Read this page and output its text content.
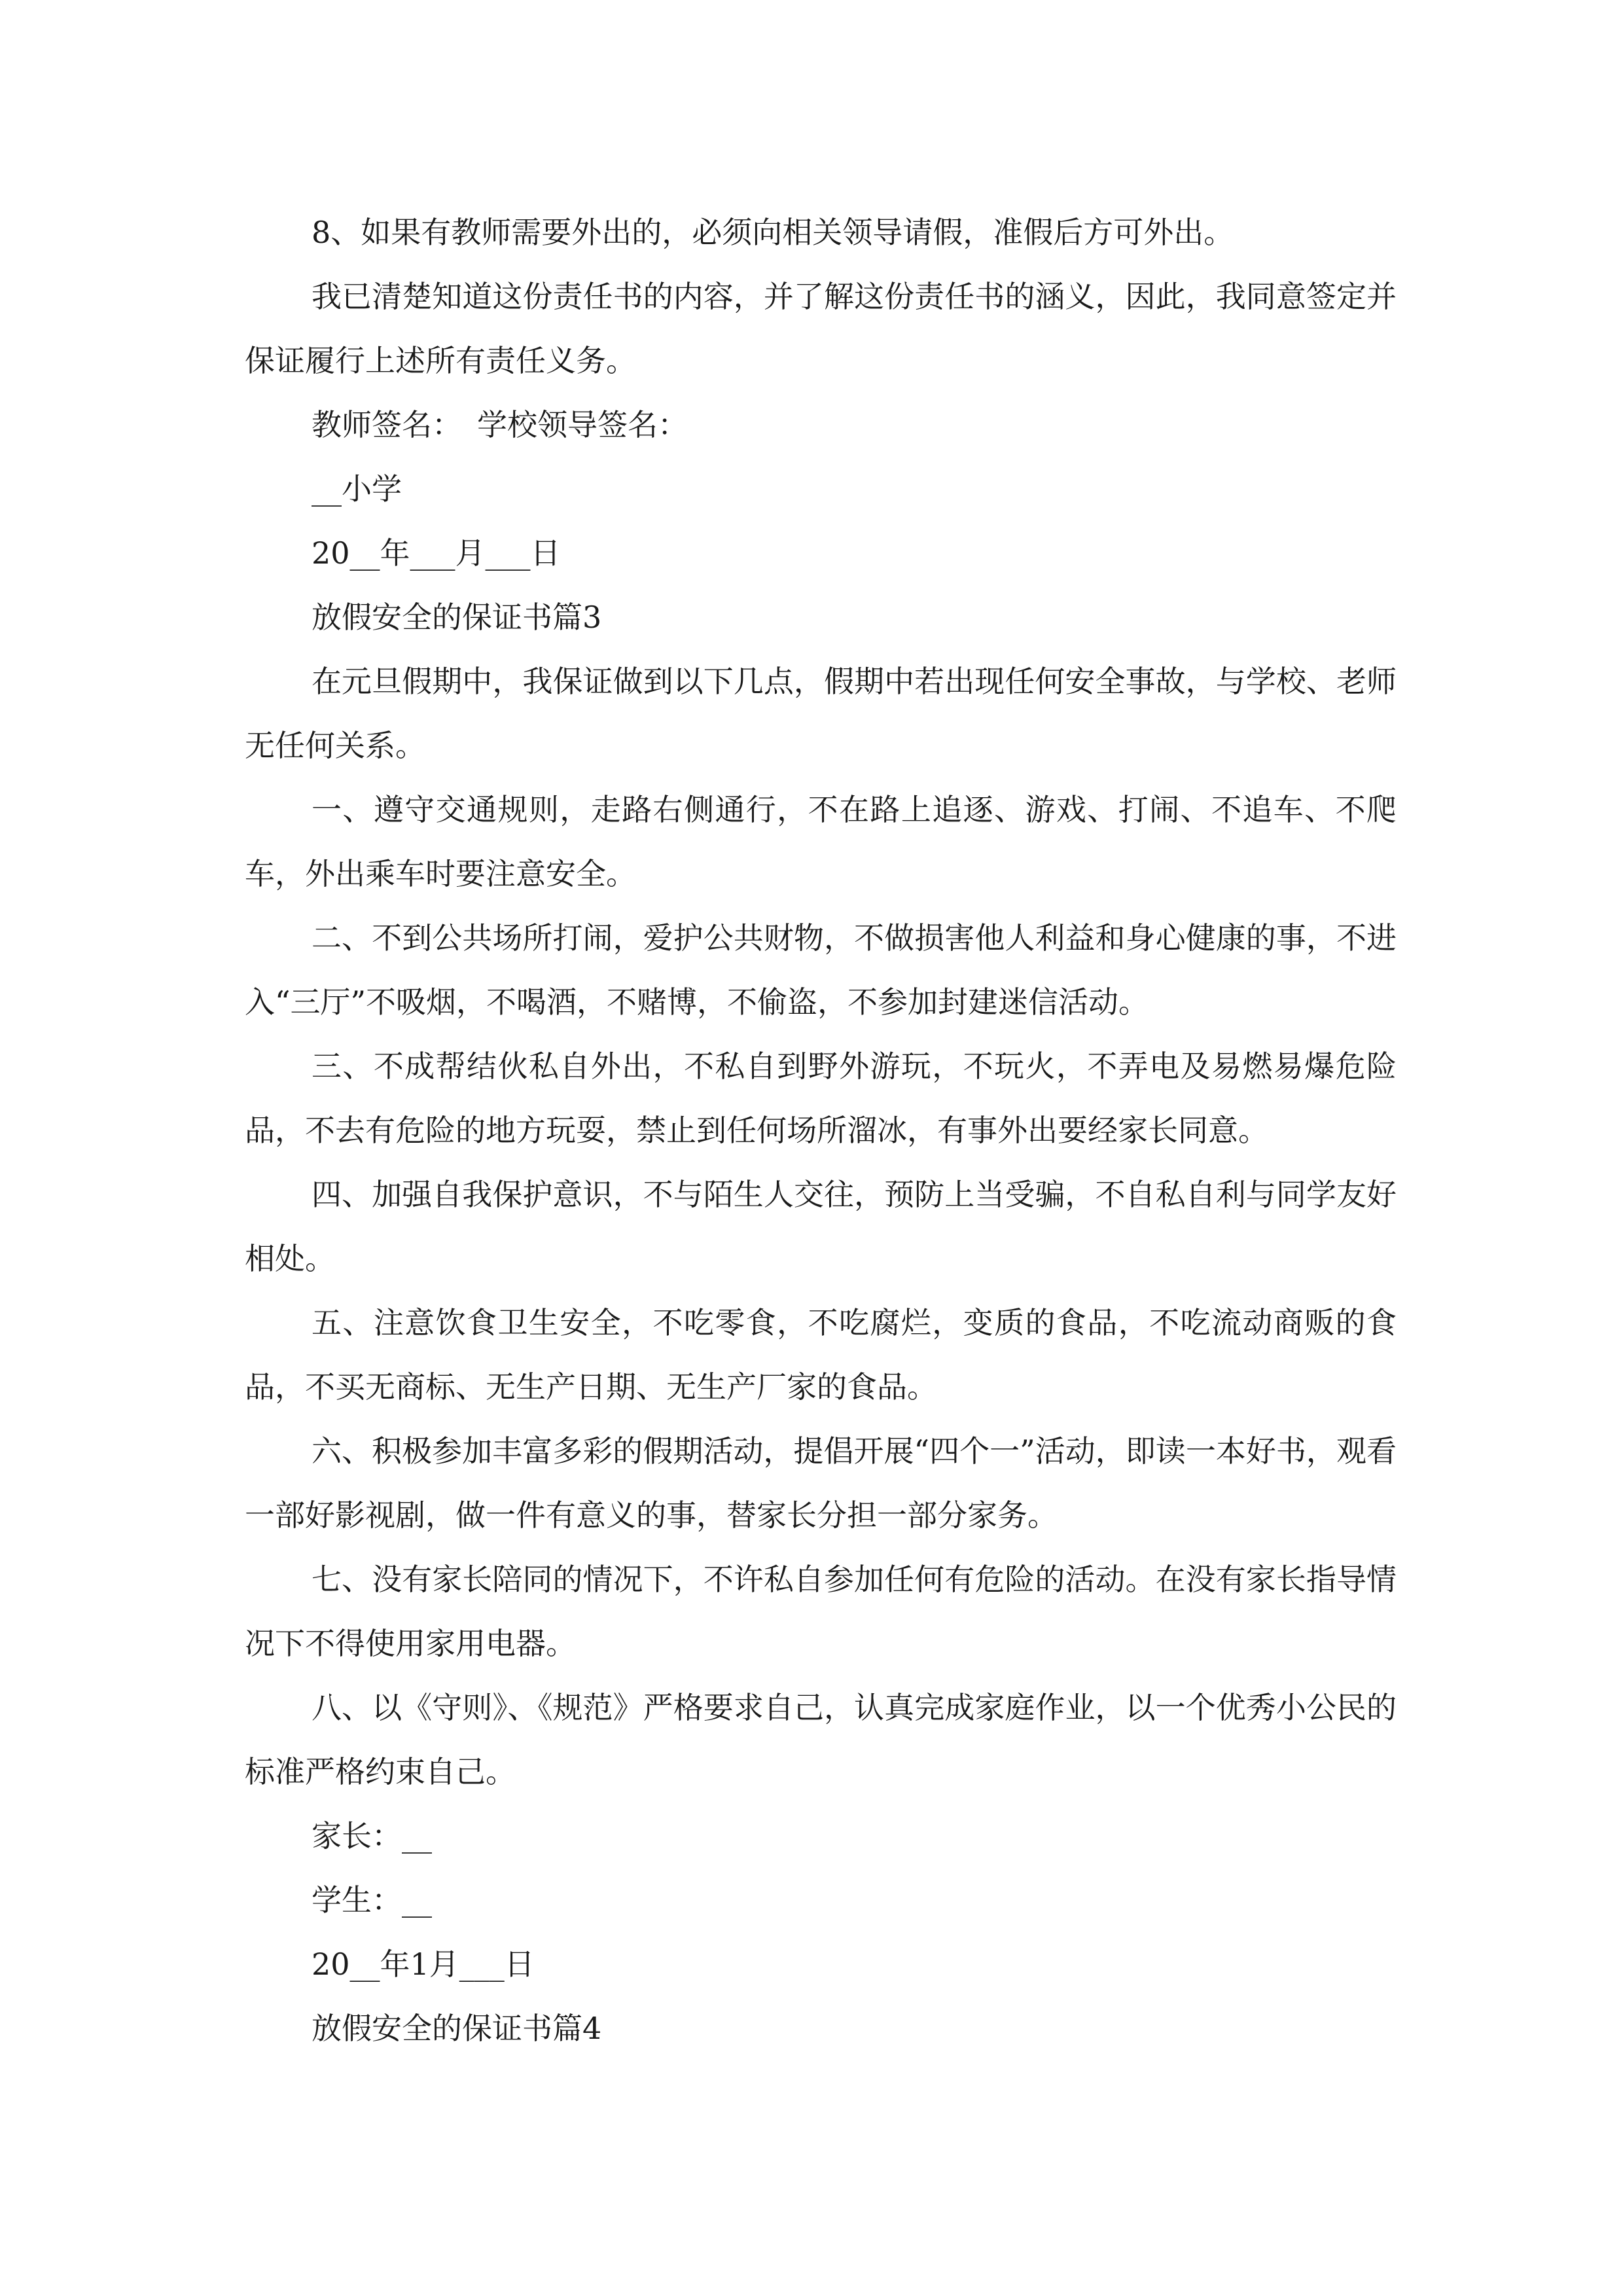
8、如果有教师需要外出的，必须向相关领导请假，准假后方可外出。

我已清楚知道这份责任书的内容，并了解这份责任书的涵义，因此，我同意签定并保证履行上述所有责任义务。

教师签名：　学校领导签名：

__小学

20__年___月___日

放假安全的保证书篇3

在元旦假期中，我保证做到以下几点，假期中若出现任何安全事故，与学校、老师无任何关系。

一、遵守交通规则，走路右侧通行，不在路上追逐、游戏、打闹、不追车、不爬车，外出乘车时要注意安全。

二、不到公共场所打闹，爱护公共财物，不做损害他人利益和身心健康的事，不进入“三厅”不吸烟，不喝酒，不赌博，不偷盗，不参加封建迷信活动。

三、不成帮结伙私自外出，不私自到野外游玩，不玩火，不弄电及易燃易爆危险品，不去有危险的地方玩耍，禁止到任何场所溜冰，有事外出要经家长同意。

四、加强自我保护意识，不与陌生人交往，预防上当受骗，不自私自利与同学友好相处。

五、注意饮食卫生安全，不吃零食，不吃腐烂，变质的食品，不吃流动商贩的食品，不买无商标、无生产日期、无生产厂家的食品。

六、积极参加丰富多彩的假期活动，提倡开展“四个一”活动，即读一本好书，观看一部好影视剧，做一件有意义的事，替家长分担一部分家务。

七、没有家长陪同的情况下，不许私自参加任何有危险的活动。在没有家长指导情况下不得使用家用电器。

八、以《守则》、《规范》严格要求自己，认真完成家庭作业，以一个优秀小公民的标准严格约束自己。

家长：__

学生：__

20__年1月___日

放假安全的保证书篇4
